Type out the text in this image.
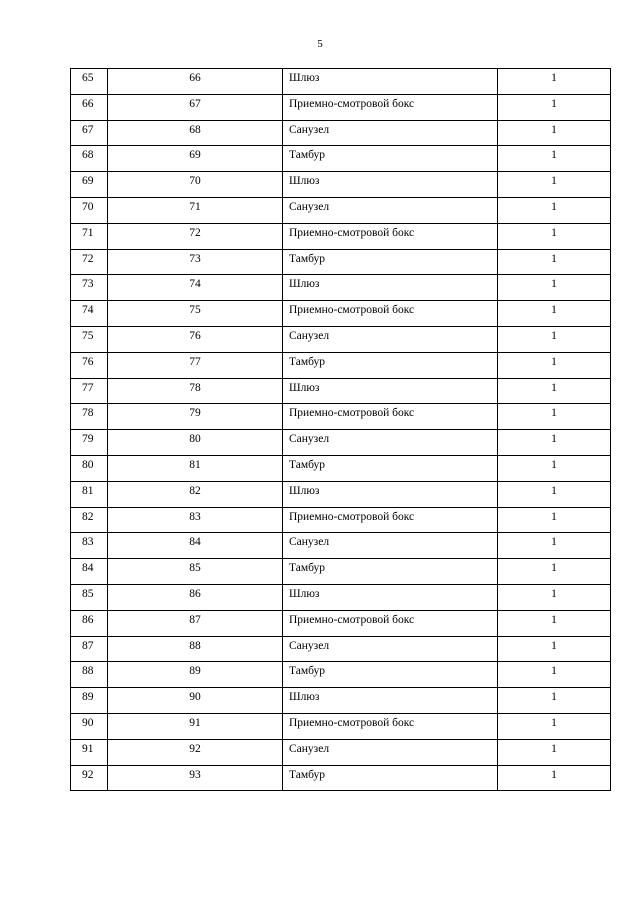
5
65	66	Шлюз	1
66	67	Приемно-смотровой бокс	1
67	68	Санузел	1
68	69	Тамбур	1
69	70	Шлюз	1
70	71	Санузел	1
71	72	Приемно-смотровой бокс	1
72	73	Тамбур	1
73	74	Шлюз	1
74	75	Приемно-смотровой бокс	1
75	76	Санузел	1
76	77	Тамбур	1
77	78	Шлюз	1
78	79	Приемно-смотровой бокс	1
79	80	Санузел	1
80	81	Тамбур	1
81	82	Шлюз	1
82	83	Приемно-смотровой бокс	1
83	84	Санузел	1
84	85	Тамбур	1
85	86	Шлюз	1
86	87	Приемно-смотровой бокс	1
87	88	Санузел	1
88	89	Тамбур	1
89	90	Шлюз	1
90	91	Приемно-смотровой бокс	1
91	92	Санузел	1
92	93	Тамбур	1
